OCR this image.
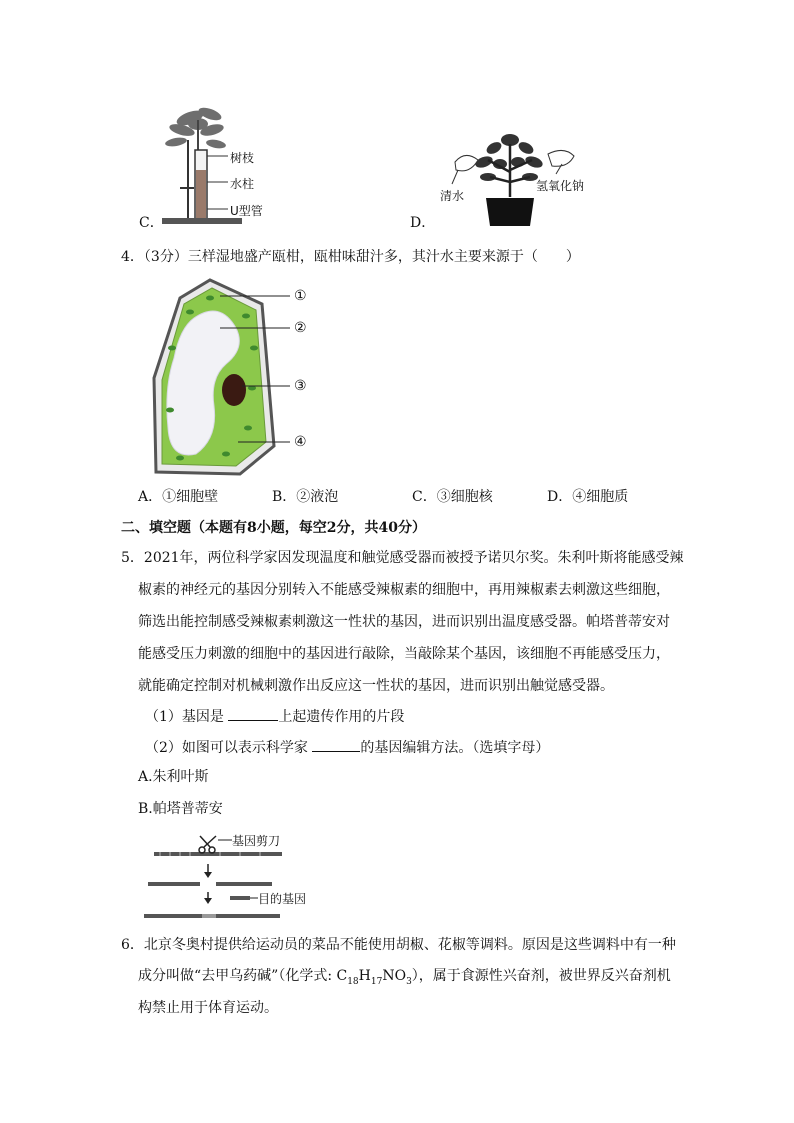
树枝
水柱
U型管
C．
清水
氢氧化钠
D．
4．（3分）三样湿地盛产瓯柑，瓯柑味甜汁多，其汁水主要来源于（　　）
①
②
③
④
A．①细胞壁	B．②液泡	C．③细胞核	D．④细胞质
二、填空题（本题有8小题，每空2分，共40分）
5．2021年，两位科学家因发现温度和触觉感受器而被授予诺贝尔奖。朱利叶斯将能感受辣
椒素的神经元的基因分别转入不能感受辣椒素的细胞中，再用辣椒素去刺激这些细胞，
筛选出能控制感受辣椒素刺激这一性状的基因，进而识别出温度感受器。帕塔普蒂安对
能感受压力刺激的细胞中的基因进行敲除，当敲除某个基因，该细胞不再能感受压力，
就能确定控制对机械刺激作出反应这一性状的基因，进而识别出触觉感受器。
（1）基因是	上起遗传作用的片段
（2）如图可以表示科学家	的基因编辑方法。（选填字母）
A.朱利叶斯
B.帕塔普蒂安
基因剪刀
目的基因
6．北京冬奥村提供给运动员的菜品不能使用胡椒、花椒等调料。原因是这些调料中有一种
成分叫做“去甲乌药碱”（化学式: $C_{18}H_{17}NO_3$），属于食源性兴奋剂，被世界反兴奋剂机
构禁止用于体育运动。
